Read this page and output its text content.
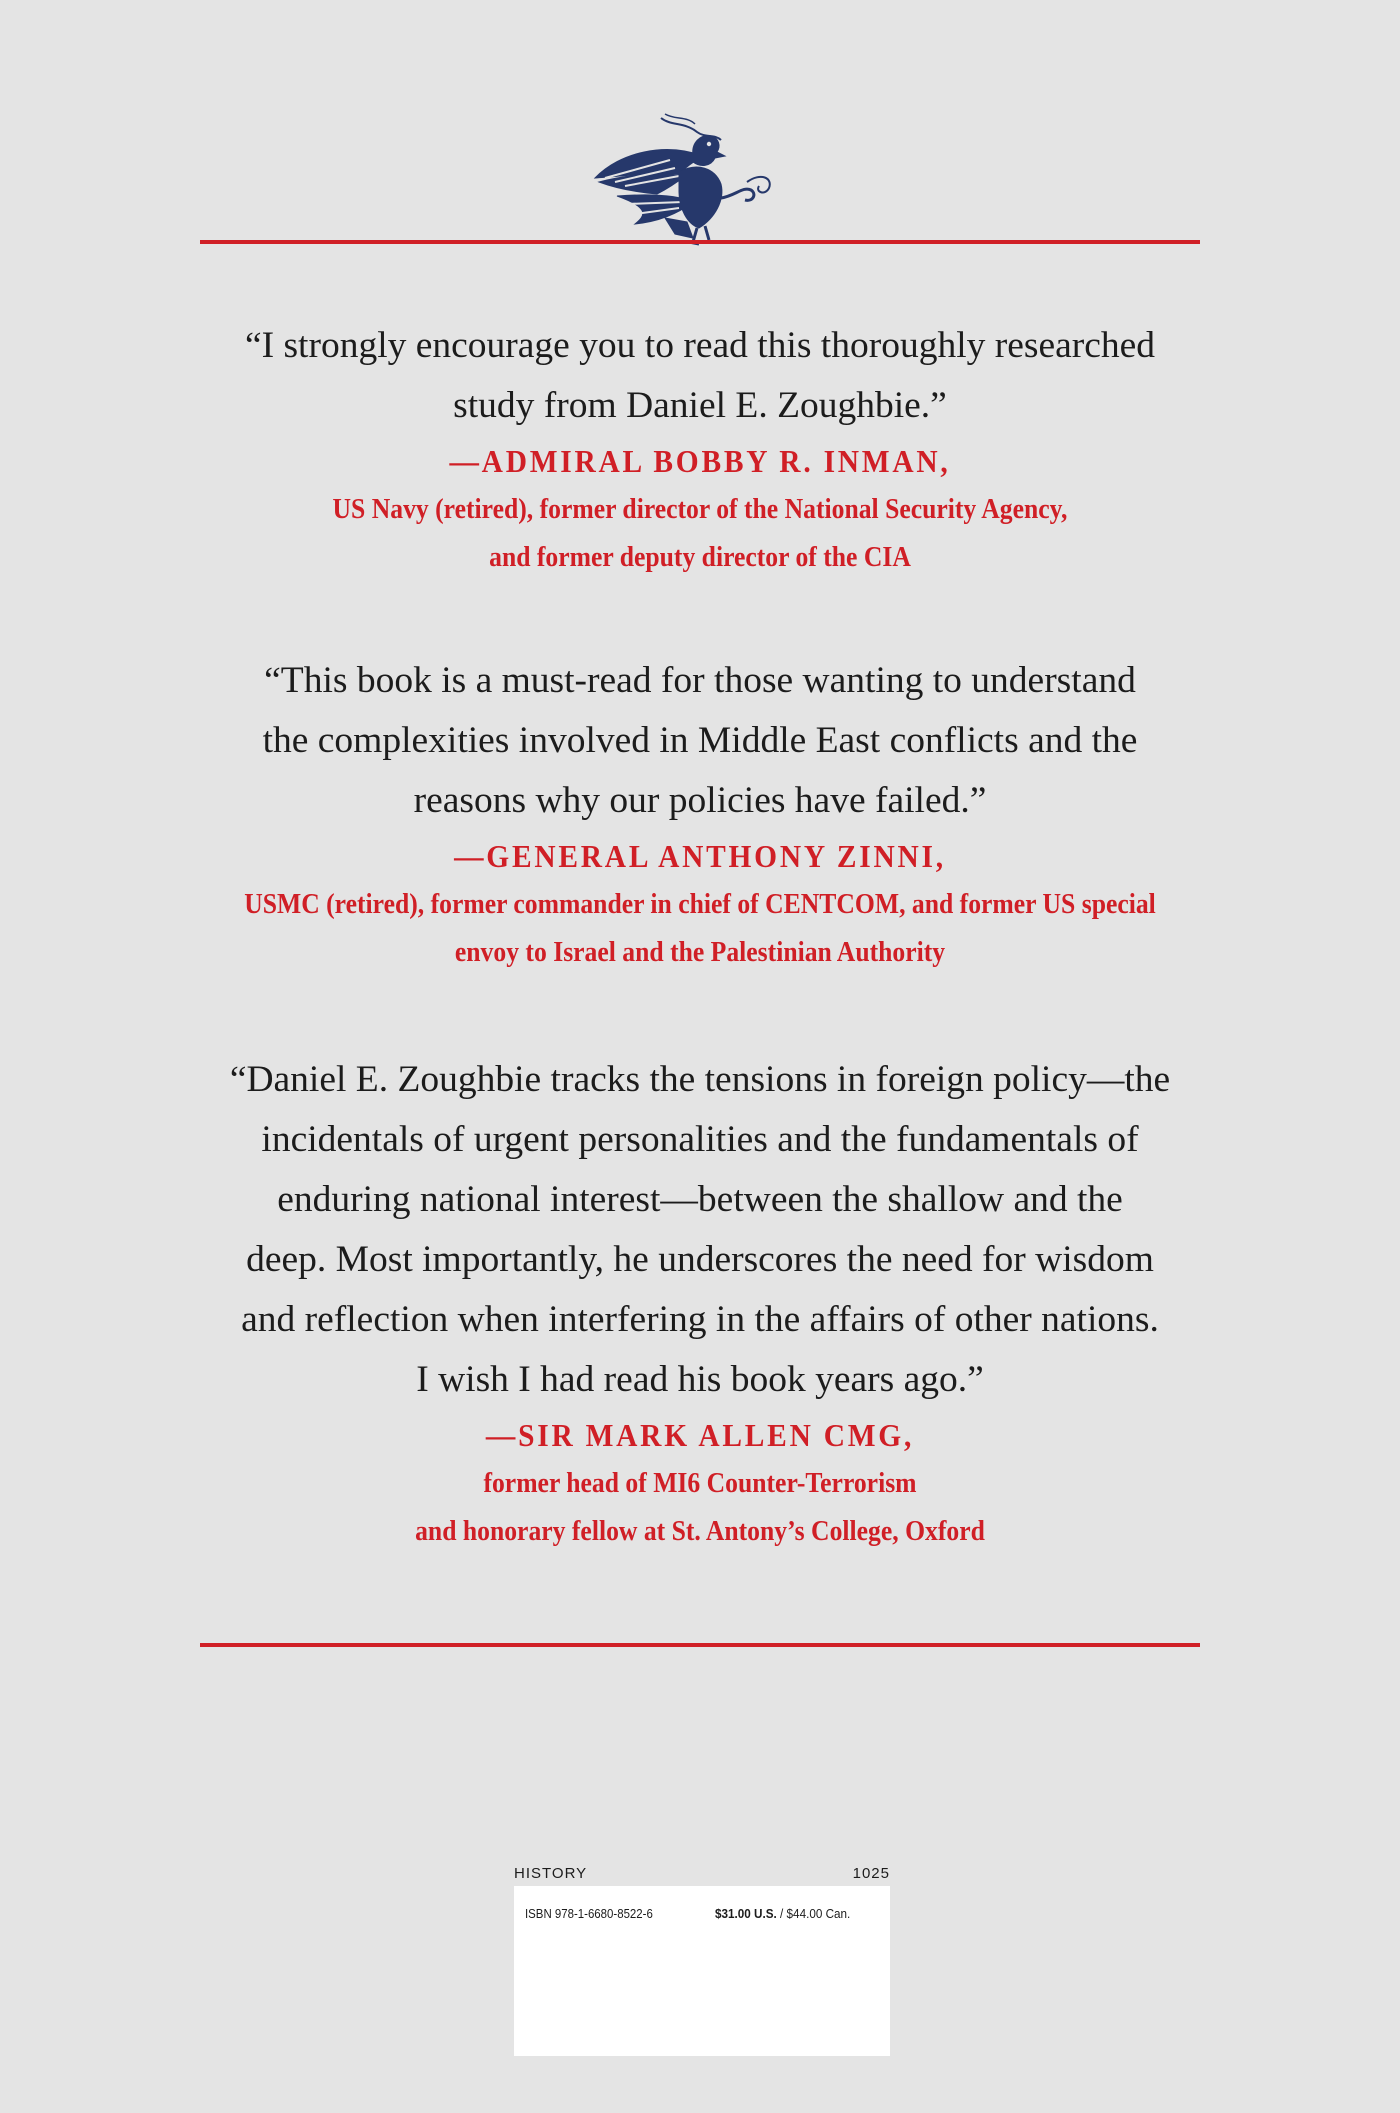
“I strongly encourage you to read this thoroughly researched

study from Daniel E. Zoughbie.”

—ADMIRAL BOBBY R. INMAN,

US Navy (retired), former director of the National Security Agency,

and former deputy director of the CIA

“This book is a must-read for those wanting to understand

the complexities involved in Middle East conflicts and the

reasons why our policies have failed.”

—GENERAL ANTHONY ZINNI,

USMC (retired), former commander in chief of CENTCOM, and former US special

envoy to Israel and the Palestinian Authority

“Daniel E. Zoughbie tracks the tensions in foreign policy—the

incidentals of urgent personalities and the fundamentals of

enduring national interest—between the shallow and the

deep. Most importantly, he underscores the need for wisdom

and reflection when interfering in the affairs of other nations.

I wish I had read his book years ago.”

—SIR MARK ALLEN CMG,

former head of MI6 Counter-Terrorism

and honorary fellow at St. Antony’s College, Oxford

HISTORY	1025
ISBN 978-1-6680-8522-6	$31.00 U.S. / $44.00 Can.
